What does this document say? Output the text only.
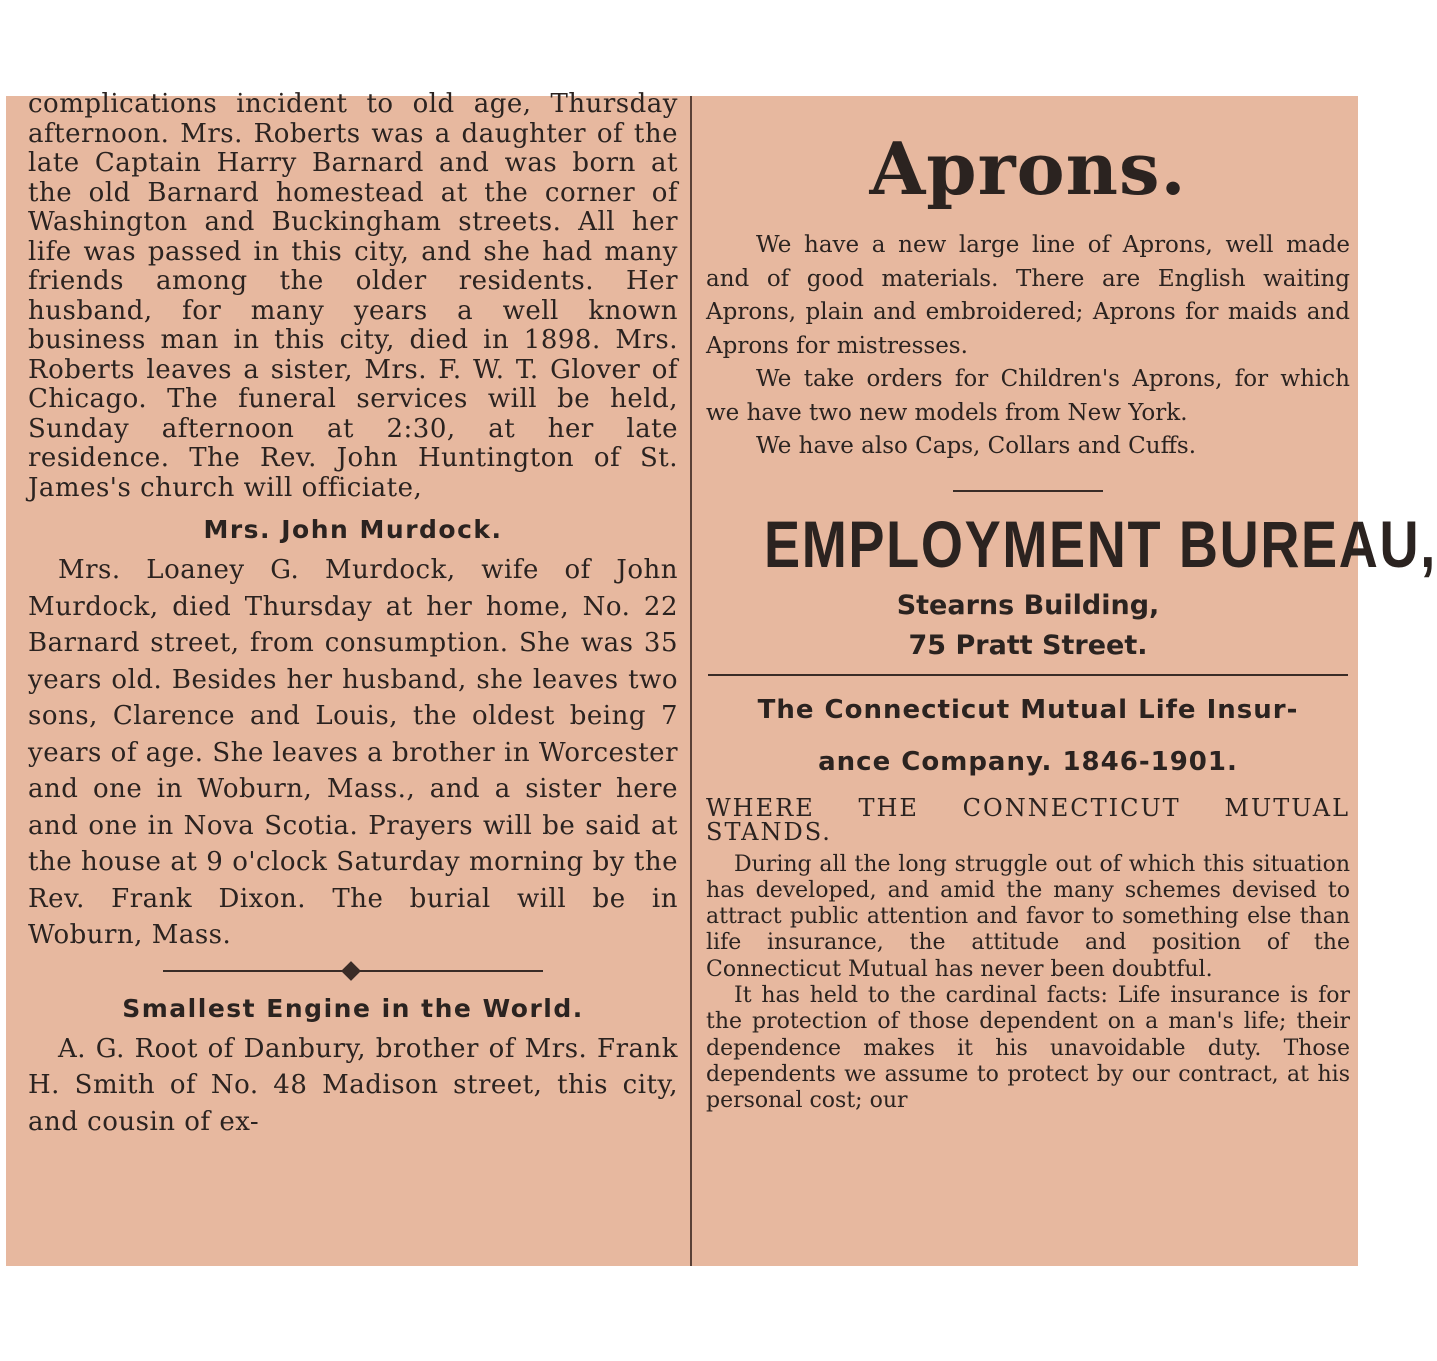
complications incident to old age, Thursday afternoon. Mrs. Roberts was a daughter of the late Captain Harry Barnard and was born at the old Barnard homestead at the corner of Washington and Buckingham streets. All her life was passed in this city, and she had many friends among the older residents. Her husband, for many years a well known business man in this city, died in 1898. Mrs. Roberts leaves a sister, Mrs. F. W. T. Glover of Chicago. The funeral services will be held, Sunday afternoon at 2:30, at her late residence. The Rev. John Huntington of St. James's church will officiate,

Mrs. John Murdock.

Mrs. Loaney G. Murdock, wife of John Murdock, died Thursday at her home, No. 22 Barnard street, from consumption. She was 35 years old. Besides her husband, she leaves two sons, Clarence and Louis, the oldest being 7 years of age. She leaves a brother in Worcester and one in Woburn, Mass., and a sister here and one in Nova Scotia. Prayers will be said at the house at 9 o'clock Saturday morning by the Rev. Frank Dixon. The burial will be in Woburn, Mass.

Smallest Engine in the World.

A. G. Root of Danbury, brother of Mrs. Frank H. Smith of No. 48 Madison street, this city, and cousin of ex-

Aprons.

We have a new large line of Aprons, well made and of good materials. There are English waiting Aprons, plain and embroidered; Aprons for maids and Aprons for mistresses.

We take orders for Children's Aprons, for which we have two new models from New York.

We have also Caps, Collars and Cuffs.

EMPLOYMENT BUREAU,

Stearns Building,

75 Pratt Street.

The Connecticut Mutual Life Insur-

ance Company. 1846-1901.

WHERE THE CONNECTICUT MUTUAL STANDS.

During all the long struggle out of which this situation has developed, and amid the many schemes devised to attract public attention and favor to something else than life insurance, the attitude and position of the Connecticut Mutual has never been doubtful.

It has held to the cardinal facts: Life insurance is for the protection of those dependent on a man's life; their dependence makes it his unavoidable duty. Those dependents we assume to protect by our contract, at his personal cost; our
